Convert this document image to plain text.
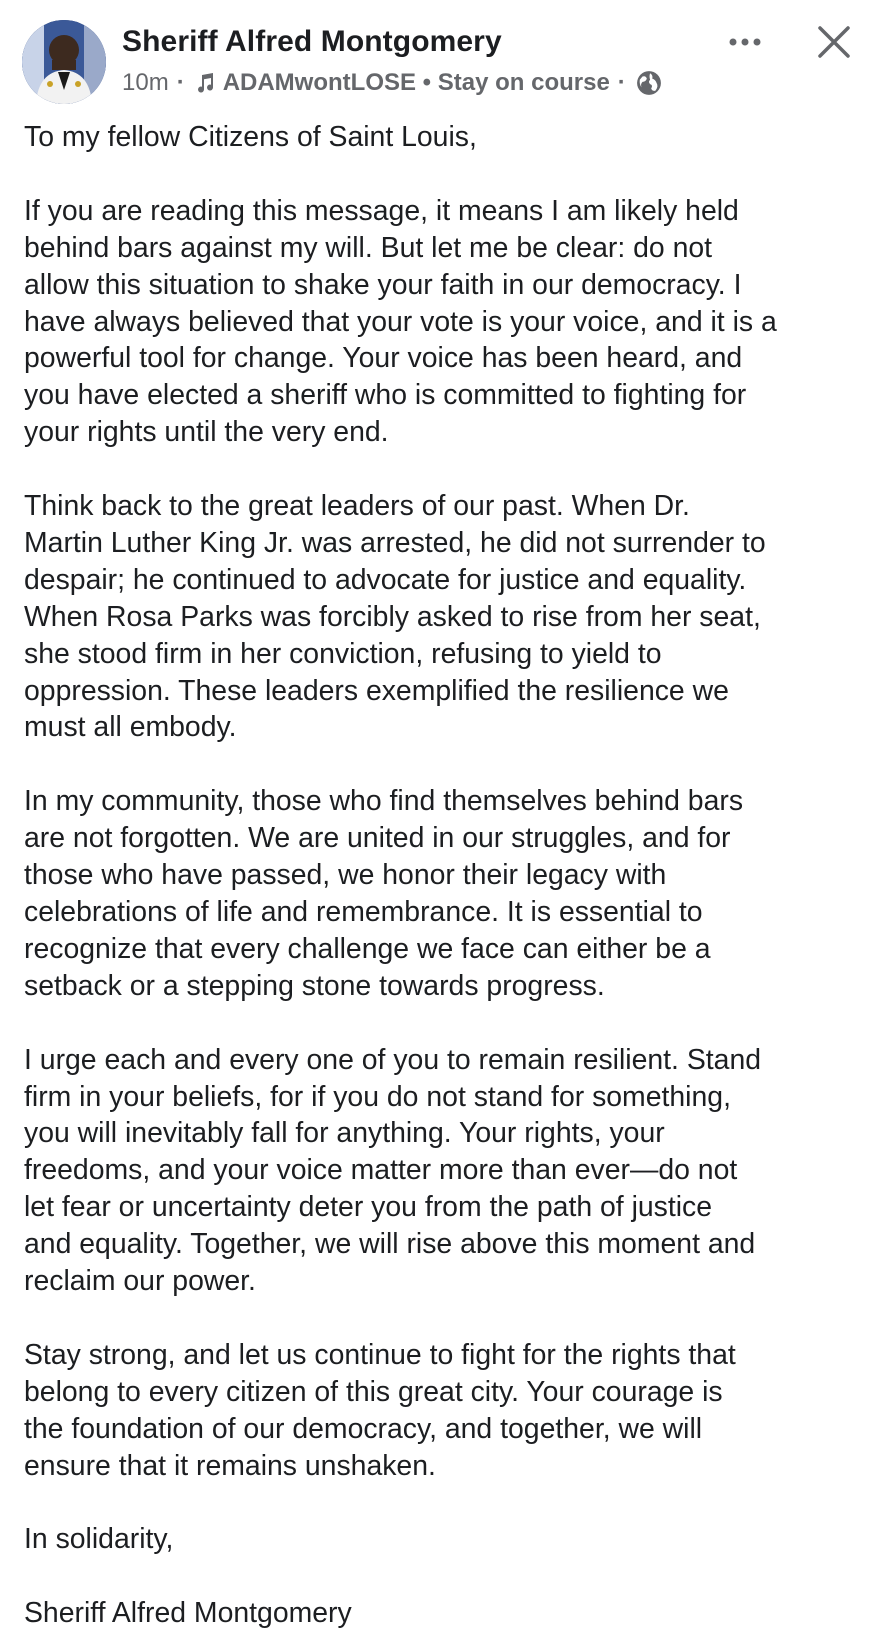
Sheriff Alfred Montgomery
10m · ADAMwontLOSE • Stay on course ·

To my fellow Citizens of Saint Louis,

If you are reading this message, it means I am likely held
behind bars against my will. But let me be clear: do not
allow this situation to shake your faith in our democracy. I
have always believed that your vote is your voice, and it is a
powerful tool for change. Your voice has been heard, and
you have elected a sheriff who is committed to fighting for
your rights until the very end.

Think back to the great leaders of our past. When Dr.
Martin Luther King Jr. was arrested, he did not surrender to
despair; he continued to advocate for justice and equality.
When Rosa Parks was forcibly asked to rise from her seat,
she stood firm in her conviction, refusing to yield to
oppression. These leaders exemplified the resilience we
must all embody.

In my community, those who find themselves behind bars
are not forgotten. We are united in our struggles, and for
those who have passed, we honor their legacy with
celebrations of life and remembrance. It is essential to
recognize that every challenge we face can either be a
setback or a stepping stone towards progress.

I urge each and every one of you to remain resilient. Stand
firm in your beliefs, for if you do not stand for something,
you will inevitably fall for anything. Your rights, your
freedoms, and your voice matter more than ever—do not
let fear or uncertainty deter you from the path of justice
and equality. Together, we will rise above this moment and
reclaim our power.

Stay strong, and let us continue to fight for the rights that
belong to every citizen of this great city. Your courage is
the foundation of our democracy, and together, we will
ensure that it remains unshaken.

In solidarity,

Sheriff Alfred Montgomery
